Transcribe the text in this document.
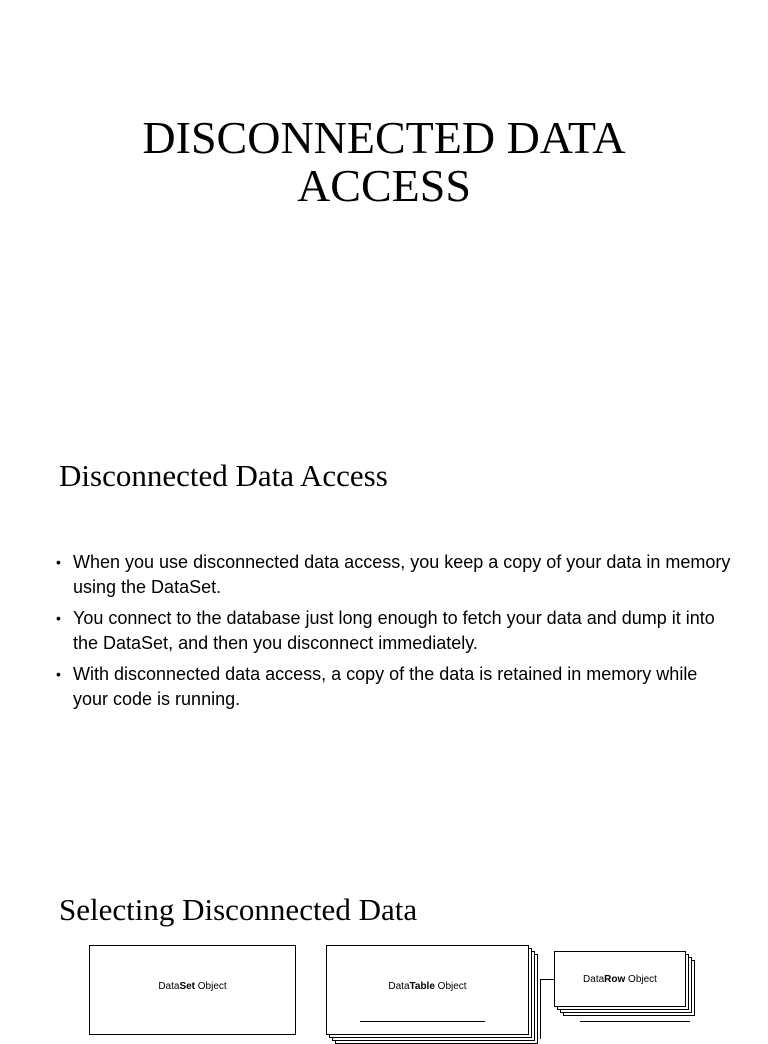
DISCONNECTED DATA
ACCESS
Disconnected Data Access
• When you use disconnected data access, you keep a copy of your data in memory using the DataSet.
• You connect to the database just long enough to fetch your data and dump it into the DataSet, and then you disconnect immediately.
• With disconnected data access, a copy of the data is retained in memory while your code is running.
Selecting Disconnected Data
DataSet Object	DataTable Object
DataRow Object
